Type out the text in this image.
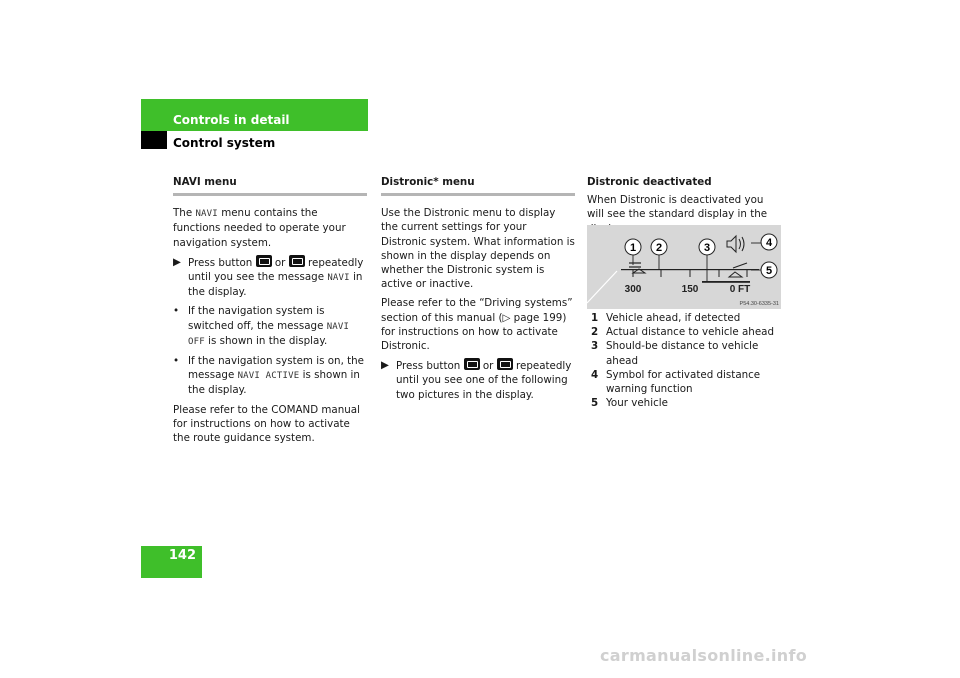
Controls in detail
Control system
NAVI menu

The NAVI menu contains the functions needed to operate your navigation system.

▶ Press button  or  repeatedly until you see the message NAVI in the display.
• If the navigation system is switched off, the message NAVI OFF is shown in the display.
• If the navigation system is on, the message NAVI ACTIVE is shown in the display.

Please refer to the COMAND manual for instructions on how to activate the route guidance system.

Distronic* menu

Use the Distronic menu to display the current settings for your Distronic system. What information is shown in the display depends on whether the Distronic system is active or inactive.

Please refer to the “Driving systems” section of this manual (▷ page 199) for instructions on how to activate Distronic.

▶ Press button  or  repeatedly until you see one of the following two pictures in the display.
Distronic deactivated

When Distronic is deactivated you will see the standard display in the

1 2	3	4
5
300	150	0 FT
P54.30-6335-31
1 Vehicle ahead, if detected
2 Actual distance to vehicle ahead
3 Should-be distance to vehicle ahead
4 Symbol for activated distance warning function
5 Your vehicle
142
carmanualsonline.info
